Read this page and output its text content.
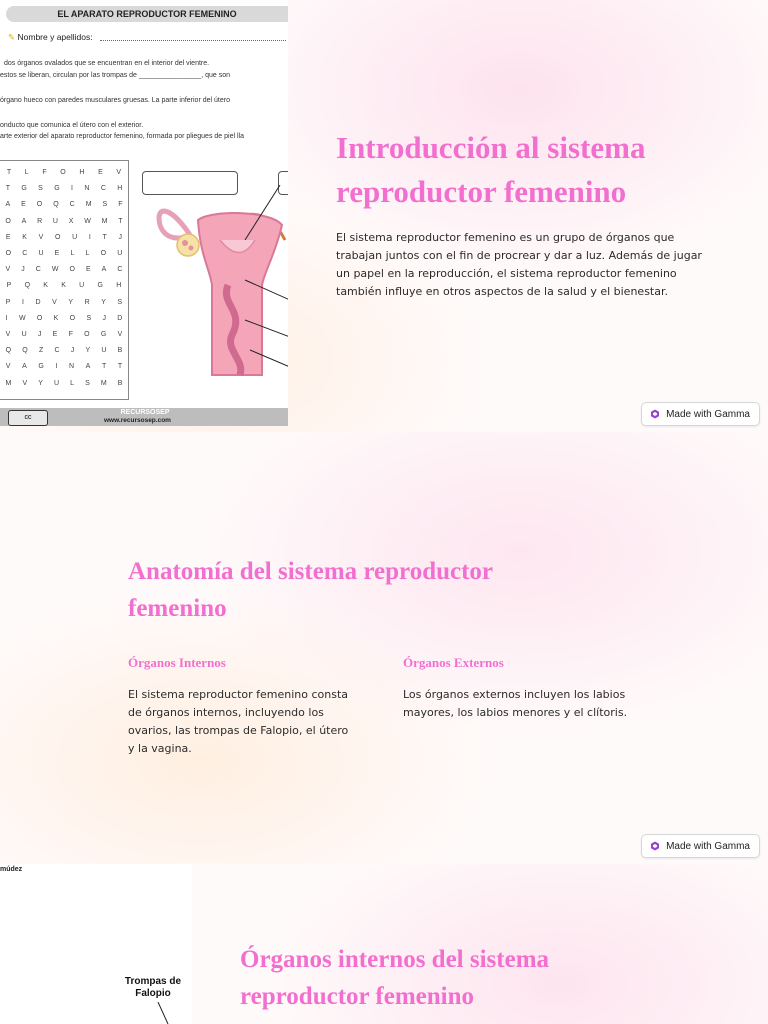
EL APARATO REPRODUCTOR FEMENINO
✎ Nombre y apellidos:
dos órganos ovalados que se encuentran en el interior del vientre.
estos se liberan, circulan por las trompas de ________________, que son
órgano hueco con paredes musculares gruesas. La parte inferior del útero
onducto que comunica el útero con el exterior.
arte exterior del aparato reproductor femenino, formada por pliegues de piel lla
T L F O H E V
T G S G I N C H
A E O Q C M S F
O A R U X W M T
E K V O U I T J
O C U E L L O U
V J C W O E A C
P Q K K U G H
P I D V Y R Y S
I W O K O S J D
V U J E F O G V
Q Q Z C J Y U B
V A G I N A T T
M V Y U L S M B
cc
RECURSOSEP
www.recursosep.com
Introducción al sistema reproductor femenino

El sistema reproductor femenino es un grupo de órganos que trabajan juntos con el fin de procrear y dar a luz. Además de jugar un papel en la reproducción, el sistema reproductor femenino también influye en otros aspectos de la salud y el bienestar.

Made with Gamma
Anatomía del sistema reproductor femenino
Órganos Internos

El sistema reproductor femenino consta de órganos internos, incluyendo los ovarios, las trompas de Falopio, el útero y la vagina.

Órganos Externos

Los órganos externos incluyen los labios mayores, los labios menores y el clítoris.

Made with Gamma
múdez
Trompas de Falopio
Órganos internos del sistema reproductor femenino
